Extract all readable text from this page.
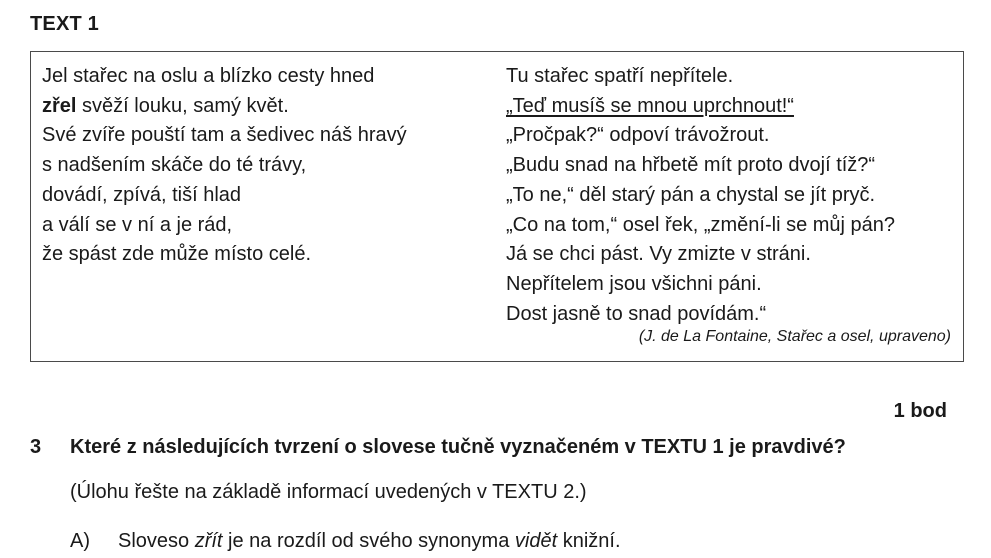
TEXT 1
Jel stařec na oslu a blízko cesty hned
zřel svěží louku, samý květ.
Své zvíře pouští tam a šedivec náš hravý
s nadšením skáče do té trávy,
dovádí, zpívá, tiší hlad
a válí se v ní a je rád,
že spást zde může místo celé.
Tu stařec spatří nepřítele.
„Teď musíš se mnou uprchnout!“
„Pročpak?“ odpoví trávožrout.
„Budu snad na hřbetě mít proto dvojí tíž?“
„To ne,“ děl starý pán a chystal se jít pryč.
„Co na tom,“ osel řek, „změní-li se můj pán?
Já se chci pást. Vy zmizte v stráni.
Nepřítelem jsou všichni páni.
Dost jasně to snad povídám.“
(J. de La Fontaine, Stařec a osel, upraveno)
1 bod
3 Které z následujících tvrzení o slovese tučně vyznačeném v TEXTU 1 je pravdivé?
(Úlohu řešte na základě informací uvedených v TEXTU 2.)
A) Sloveso zřít je na rozdíl od svého synonyma vidět knižní.
